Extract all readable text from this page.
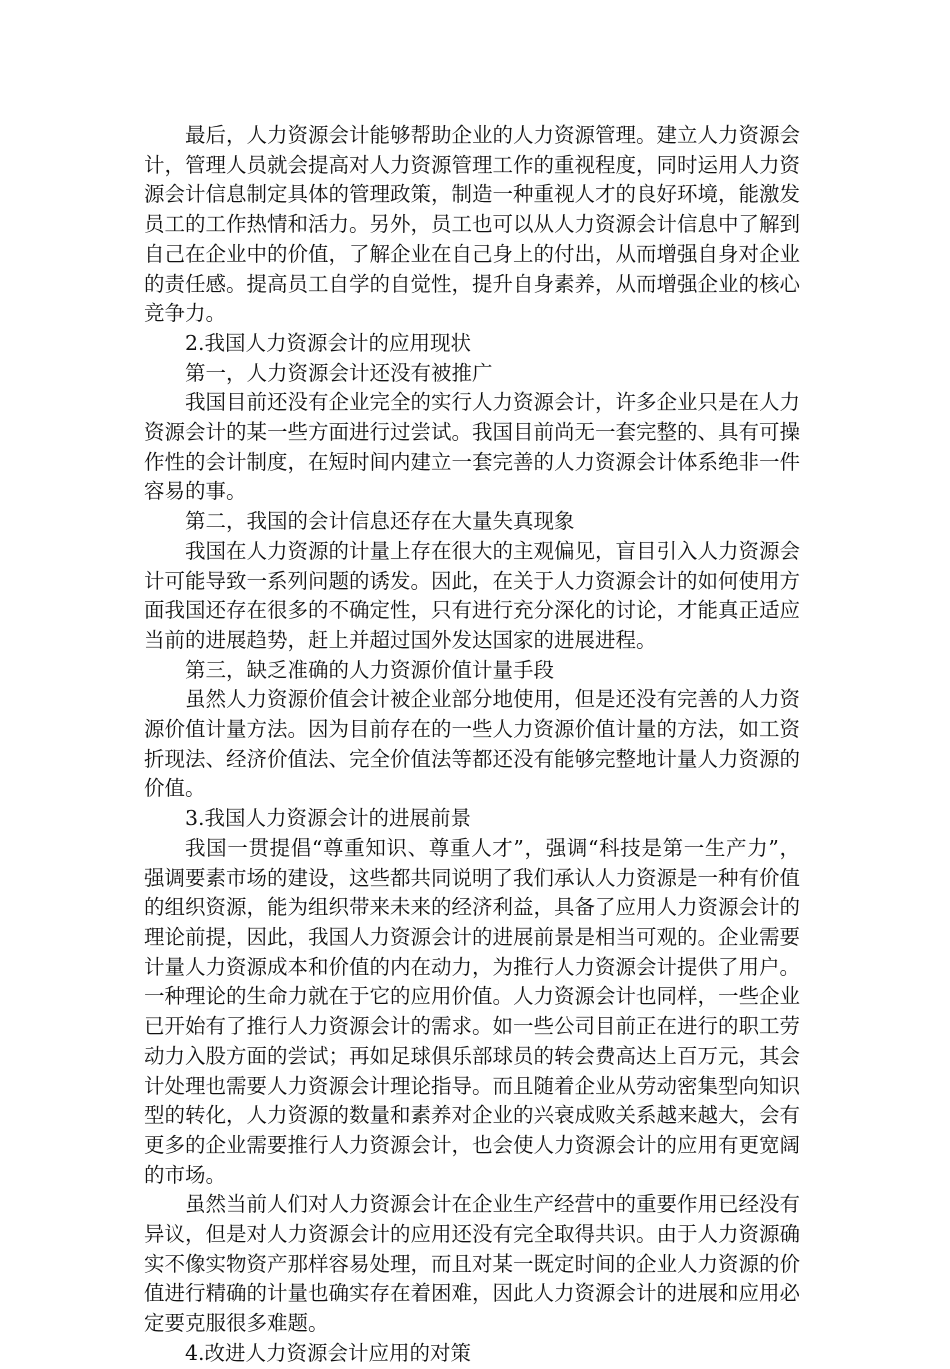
最后，人力资源会计能够帮助企业的人力资源管理。建立人力资源会计，管理人员就会提高对人力资源管理工作的重视程度，同时运用人力资源会计信息制定具体的管理政策，制造一种重视人才的良好环境，能激发员工的工作热情和活力。另外，员工也可以从人力资源会计信息中了解到自己在企业中的价值，了解企业在自己身上的付出，从而增强自身对企业的责任感。提高员工自学的自觉性，提升自身素养，从而增强企业的核心竞争力。

2.我国人力资源会计的应用现状

第一，人力资源会计还没有被推广

我国目前还没有企业完全的实行人力资源会计，许多企业只是在人力资源会计的某一些方面进行过尝试。我国目前尚无一套完整的、具有可操作性的会计制度，在短时间内建立一套完善的人力资源会计体系绝非一件容易的事。

第二，我国的会计信息还存在大量失真现象

我国在人力资源的计量上存在很大的主观偏见，盲目引入人力资源会计可能导致一系列问题的诱发。因此，在关于人力资源会计的如何使用方面我国还存在很多的不确定性，只有进行充分深化的讨论，才能真正适应当前的进展趋势，赶上并超过国外发达国家的进展进程。

第三，缺乏准确的人力资源价值计量手段

虽然人力资源价值会计被企业部分地使用，但是还没有完善的人力资源价值计量方法。因为目前存在的一些人力资源价值计量的方法，如工资折现法、经济价值法、完全价值法等都还没有能够完整地计量人力资源的价值。

3.我国人力资源会计的进展前景

我国一贯提倡“尊重知识、尊重人才”，强调“科技是第一生产力”，强调要素市场的建设，这些都共同说明了我们承认人力资源是一种有价值的组织资源，能为组织带来未来的经济利益，具备了应用人力资源会计的理论前提，因此，我国人力资源会计的进展前景是相当可观的。企业需要计量人力资源成本和价值的内在动力，为推行人力资源会计提供了用户。一种理论的生命力就在于它的应用价值。人力资源会计也同样，一些企业已开始有了推行人力资源会计的需求。如一些公司目前正在进行的职工劳动力入股方面的尝试；再如足球俱乐部球员的转会费高达上百万元，其会计处理也需要人力资源会计理论指导。而且随着企业从劳动密集型向知识型的转化，人力资源的数量和素养对企业的兴衰成败关系越来越大，会有更多的企业需要推行人力资源会计，也会使人力资源会计的应用有更宽阔的市场。

虽然当前人们对人力资源会计在企业生产经营中的重要作用已经没有异议，但是对人力资源会计的应用还没有完全取得共识。由于人力资源确实不像实物资产那样容易处理，而且对某一既定时间的企业人力资源的价值进行精确的计量也确实存在着困难，因此人力资源会计的进展和应用必定要克服很多难题。

4.改进人力资源会计应用的对策
